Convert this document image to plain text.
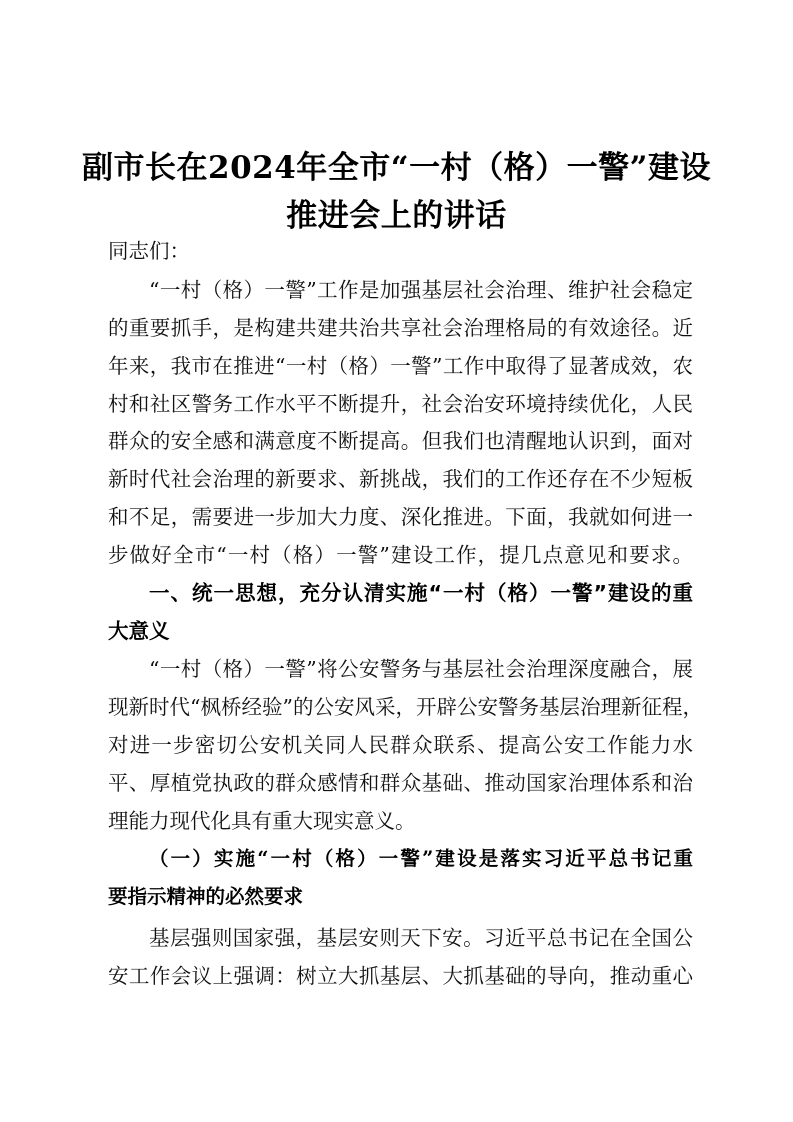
副市长在2024年全市“一村（格）一警”建设
推进会上的讲话
同志们：
“一村（格）一警”工作是加强基层社会治理、维护社会稳定
的重要抓手，是构建共建共治共享社会治理格局的有效途径。近
年来，我市在推进“一村（格）一警”工作中取得了显著成效，农
村和社区警务工作水平不断提升，社会治安环境持续优化，人民
群众的安全感和满意度不断提高。但我们也清醒地认识到，面对
新时代社会治理的新要求、新挑战，我们的工作还存在不少短板
和不足，需要进一步加大力度、深化推进。下面，我就如何进一
步做好全市“一村（格）一警”建设工作，提几点意见和要求。
一、统一思想，充分认清实施“一村（格）一警”建设的重
大意义
“一村（格）一警”将公安警务与基层社会治理深度融合，展
现新时代“枫桥经验”的公安风采，开辟公安警务基层治理新征程，
对进一步密切公安机关同人民群众联系、提高公安工作能力水
平、厚植党执政的群众感情和群众基础、推动国家治理体系和治
理能力现代化具有重大现实意义。
（一）实施“一村（格）一警”建设是落实习近平总书记重
要指示精神的必然要求
基层强则国家强，基层安则天下安。习近平总书记在全国公
安工作会议上强调：树立大抓基层、大抓基础的导向，推动重心
